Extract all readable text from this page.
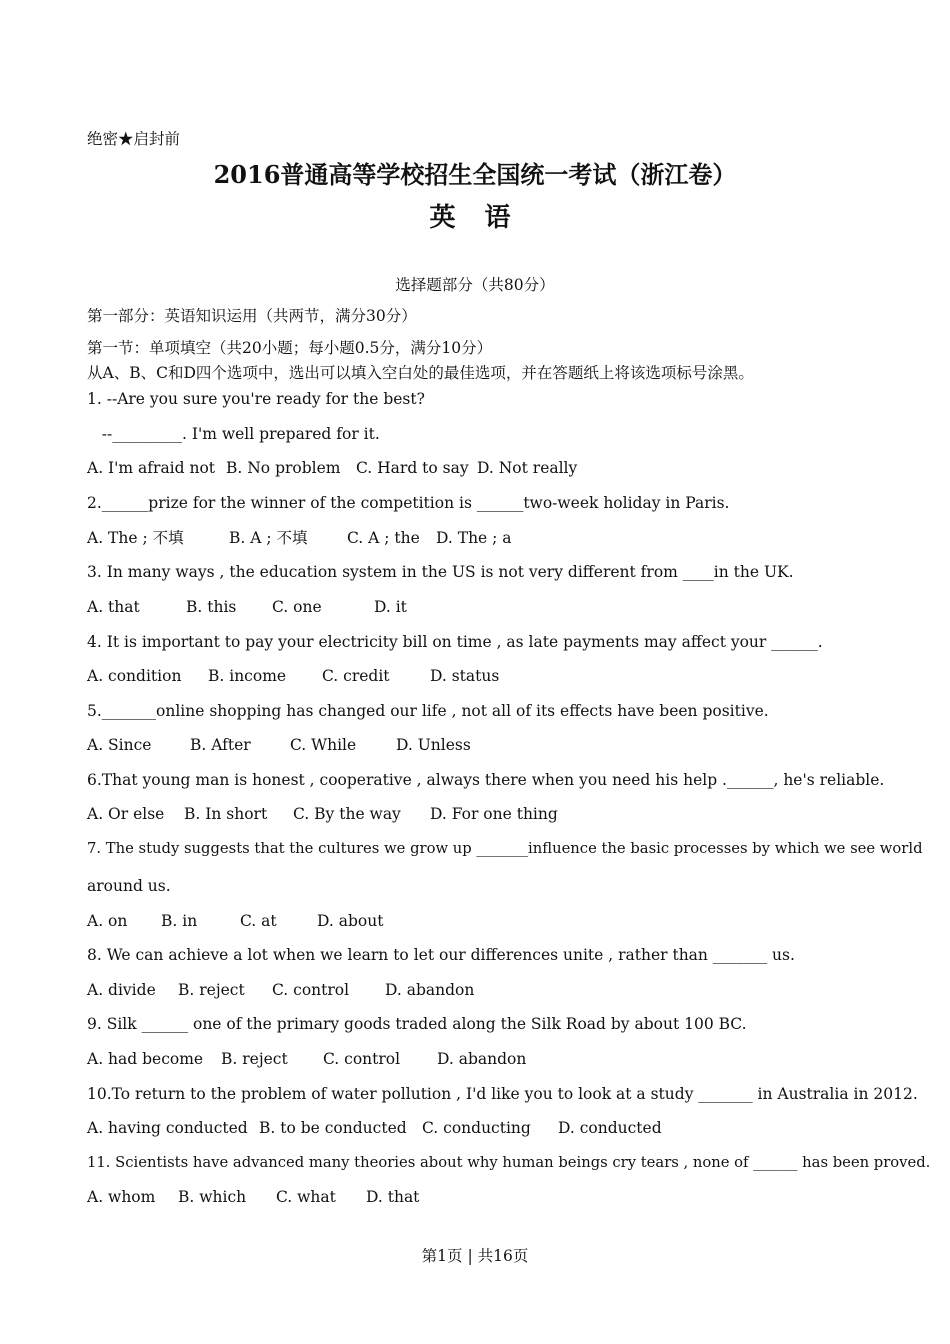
绝密★启封前
2016普通高等学校招生全国统一考试（浙江卷）
英 语
选择题部分（共80分）
第一部分：英语知识运用（共两节，满分30分）
第一节：单项填空（共20小题；每小题0.5分，满分10分）
从A、B、C和D四个选项中，选出可以填入空白处的最佳选项，并在答题纸上将该选项标号涂黑。
1. --Are you sure you're ready for the best?
--_________. I'm well prepared for it.
A. I'm afraid not B. No problem C. Hard to say D. Not really
2.______prize for the winner of the competition is ______two-week holiday in Paris.
A. The ; 不填	B. A ; 不填	C. A ; the D. The ; a
3. In many ways , the education system in the US is not very different from ____in the UK.
A. that	B. this C. one	D. it
4. It is important to pay your electricity bill on time , as late payments may affect your ______.
A. condition B. income C. credit	D. status
5._______online shopping has changed our life , not all of its effects have been positive.
A. Since B. After	C. While	D. Unless
6.That young man is honest , cooperative , always there when you need his help .______, he's reliable.
A. Or else B. In short C. By the way D. For one thing
7. The study suggests that the cultures we grow up _______influence the basic processes by which we see world
around us.
A. on B. in	C. at	D. about
8. We can achieve a lot when we learn to let our differences unite , rather than _______ us.
A. divide B. reject C. control D. abandon
9. Silk ______ one of the primary goods traded along the Silk Road by about 100 BC.
A. had become B. reject C. control D. abandon
10.To return to the problem of water pollution , I'd like you to look at a study _______ in Australia in 2012.
A. having conducted B. to be conducted C. conducting D. conducted
11. Scientists have advanced many theories about why human beings cry tears , none of ______ has been proved.
A. whom B. which C. what D. that
第1页 | 共16页
